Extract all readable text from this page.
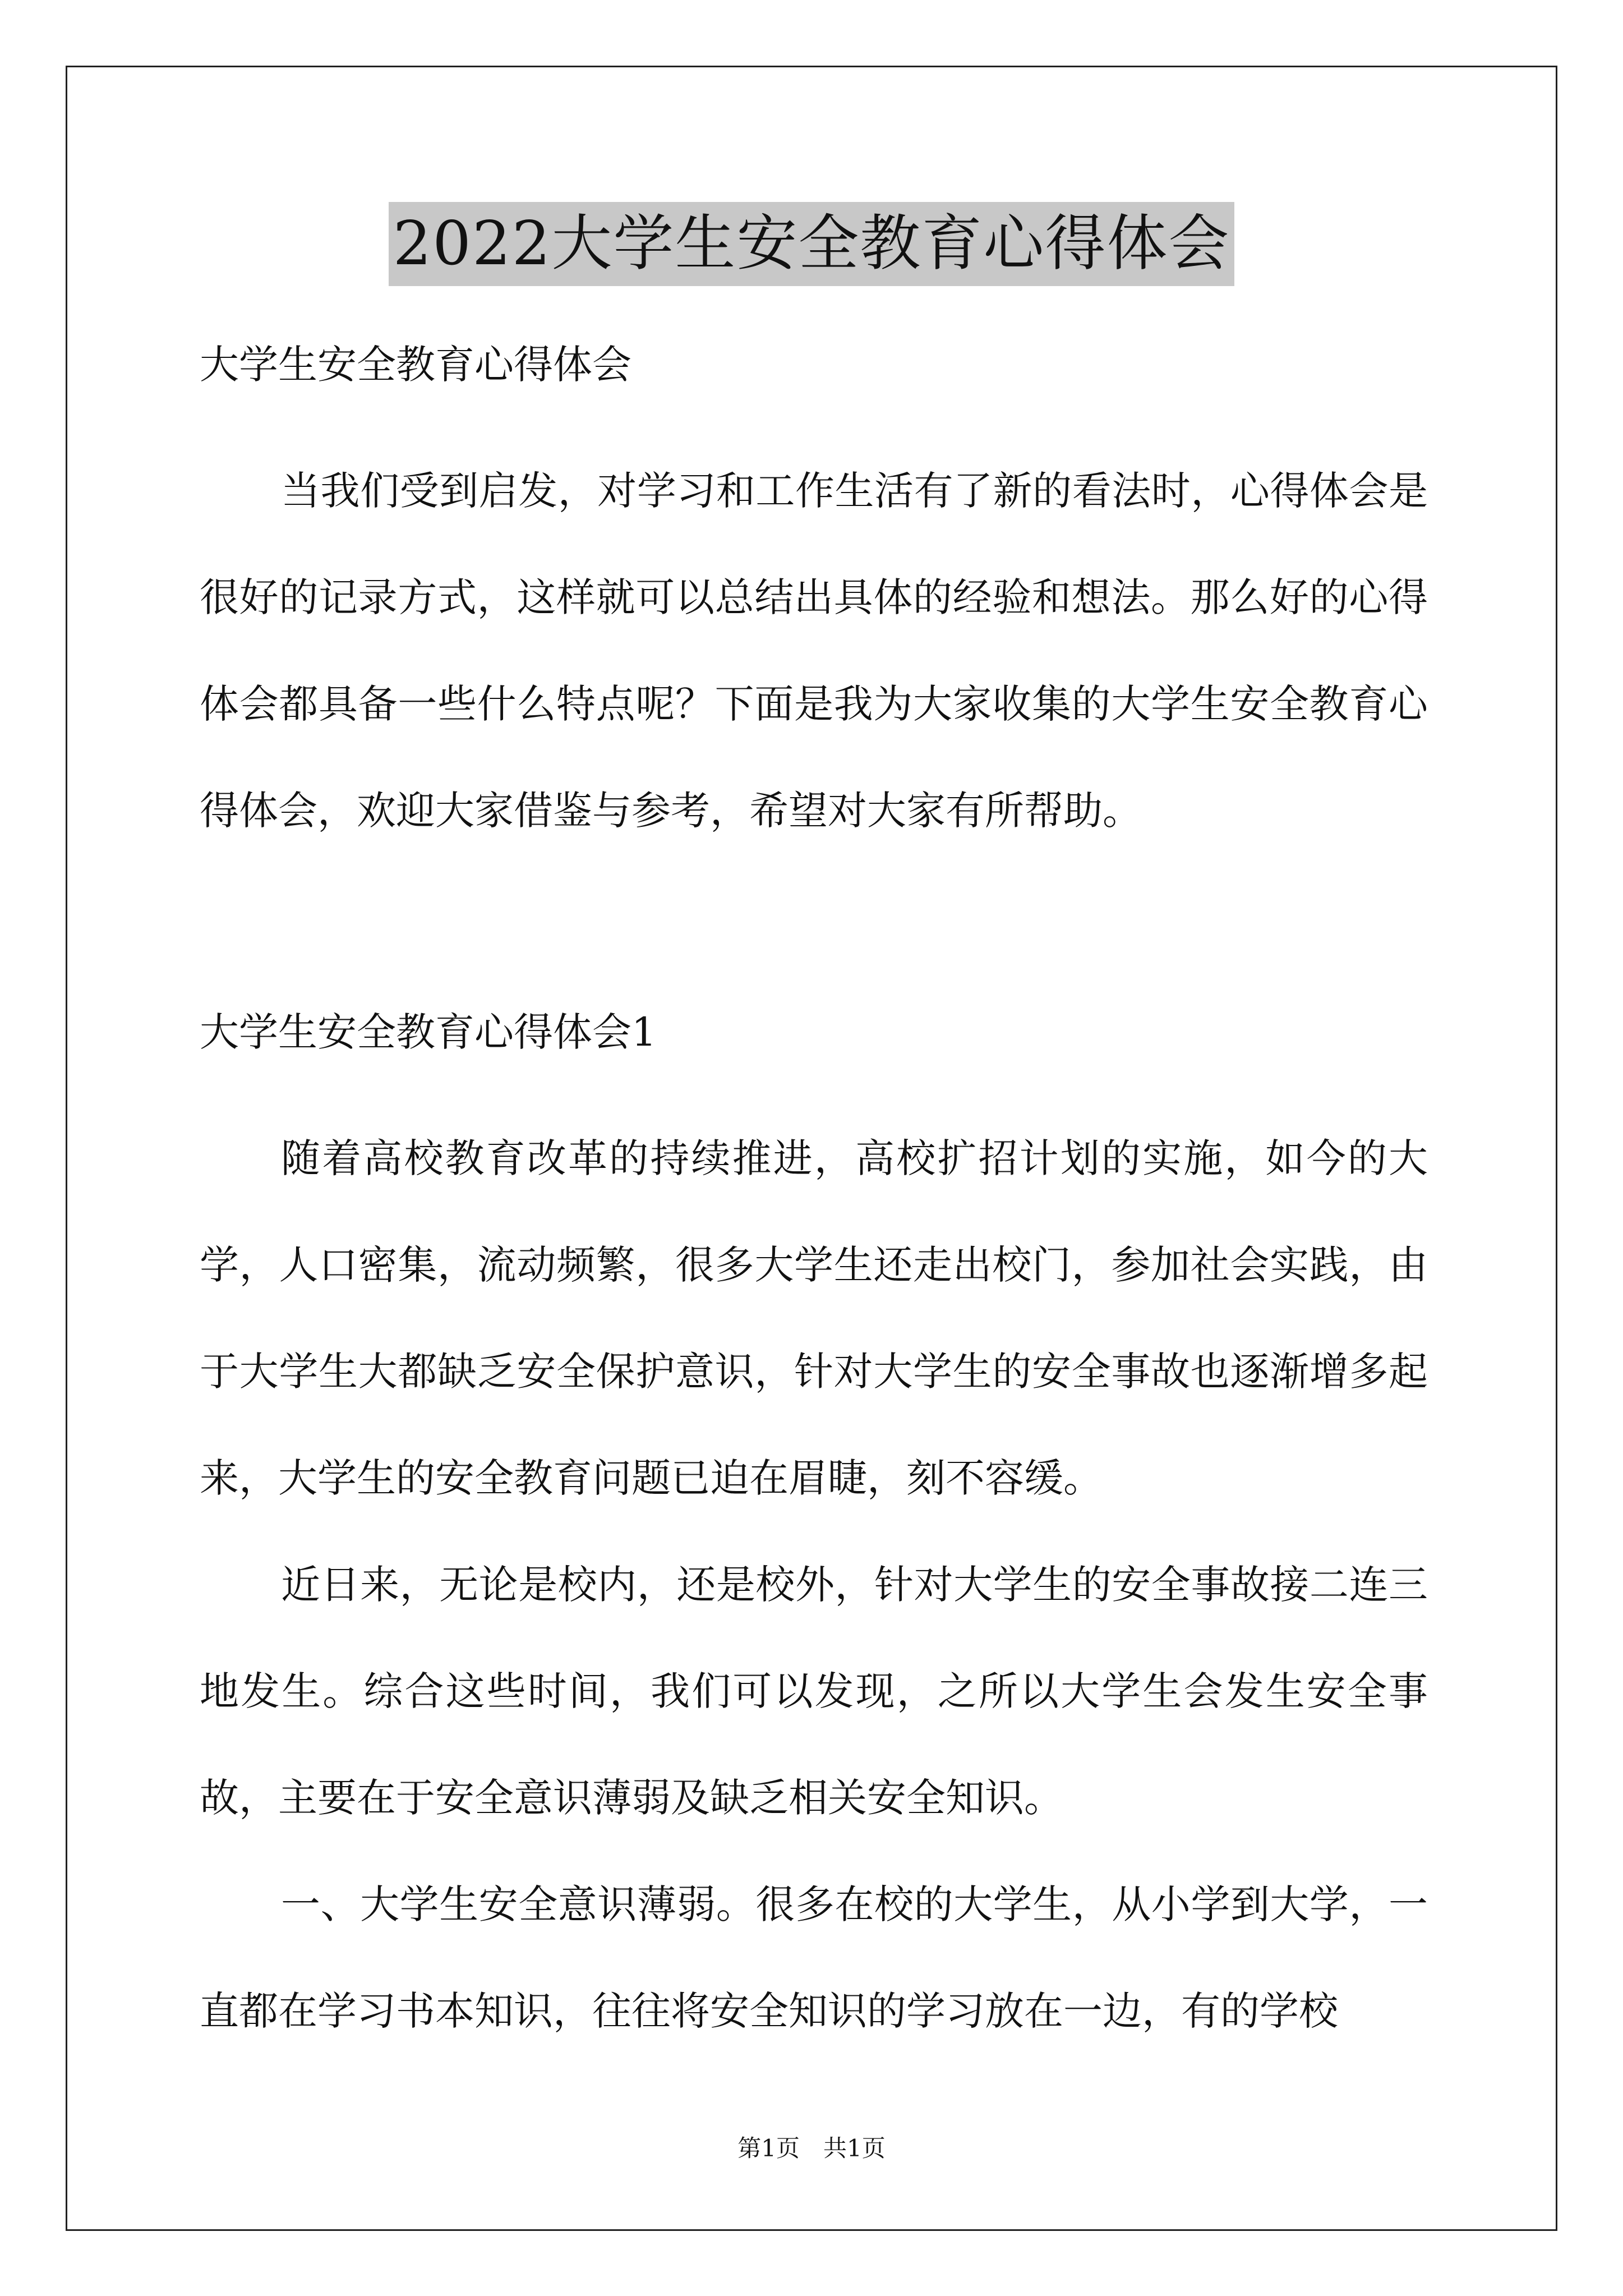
2022大学生安全教育心得体会

大学生安全教育心得体会

当我们受到启发，对学习和工作生活有了新的看法时，心得体会是很好的记录方式，这样就可以总结出具体的经验和想法。那么好的心得体会都具备一些什么特点呢？下面是我为大家收集的大学生安全教育心得体会，欢迎大家借鉴与参考，希望对大家有所帮助。

大学生安全教育心得体会1

随着高校教育改革的持续推进，高校扩招计划的实施，如今的大学，人口密集，流动频繁，很多大学生还走出校门，参加社会实践，由于大学生大都缺乏安全保护意识，针对大学生的安全事故也逐渐增多起来，大学生的安全教育问题已迫在眉睫，刻不容缓。

近日来，无论是校内，还是校外，针对大学生的安全事故接二连三地发生。综合这些时间，我们可以发现，之所以大学生会发生安全事故，主要在于安全意识薄弱及缺乏相关安全知识。

一、大学生安全意识薄弱。很多在校的大学生，从小学到大学，一直都在学习书本知识，往往将安全知识的学习放在一边，有的学校

第1页　共1页
